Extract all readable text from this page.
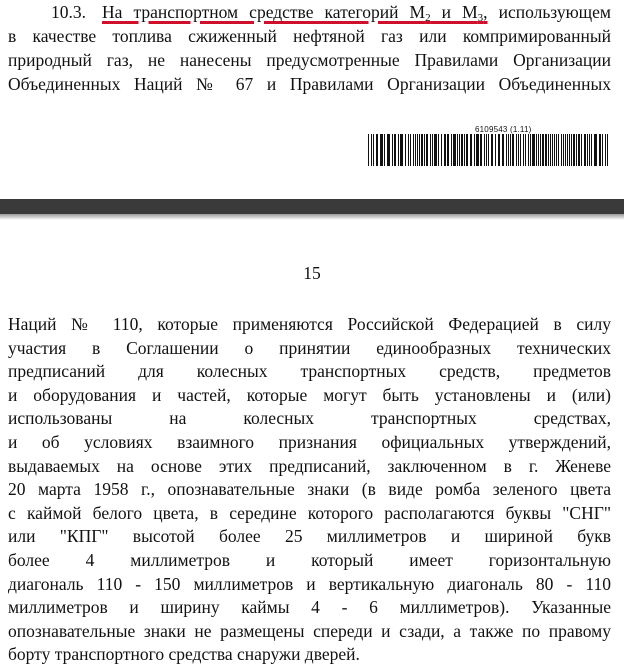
10.3. На транспортном средстве категорий $M_2$ и $M_3$, использующем
в качестве топлива сжиженный нефтяной газ или компримированный
природный газ, не нанесены предусмотренные Правилами Организации
Объединенных Наций № 67 и Правилами Организации Объединенных
6109543 (1.11)
15
Наций № 110, которые применяются Российской Федерацией в силу
участия в Соглашении о принятии единообразных технических
предписаний для колесных транспортных средств, предметов
и оборудования и частей, которые могут быть установлены и (или)
использованы на колесных транспортных средствах,
и об условиях взаимного признания официальных утверждений,
выдаваемых на основе этих предписаний, заключенном в г. Женеве
20 марта 1958 г., опознавательные знаки (в виде ромба зеленого цвета
с каймой белого цвета, в середине которого располагаются буквы "СНГ"
или "КПГ" высотой более 25 миллиметров и шириной букв
более 4 миллиметров и который имеет горизонтальную
диагональ 110 - 150 миллиметров и вертикальную диагональ 80 - 110
миллиметров и ширину каймы 4 - 6 миллиметров). Указанные
опознавательные знаки не размещены спереди и сзади, а также по правому
борту транспортного средства снаружи дверей.
